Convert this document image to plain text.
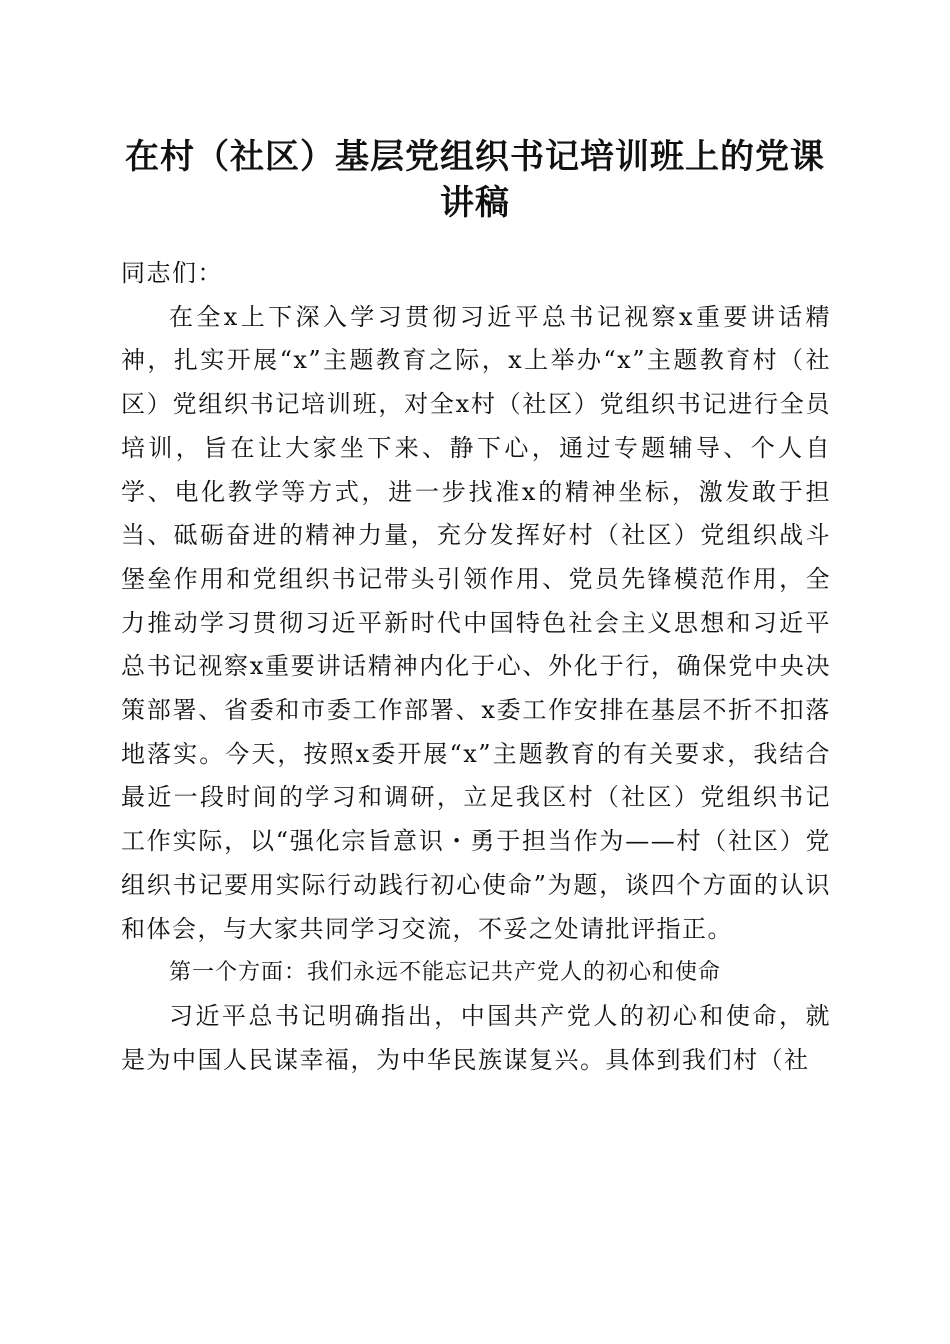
在村（社区）基层党组织书记培训班上的党课
讲稿

同志们：

在全x上下深入学习贯彻习近平总书记视察x重要讲话精神，扎实开展“x”主题教育之际，x上举办“x”主题教育村（社区）党组织书记培训班，对全x村（社区）党组织书记进行全员培训，旨在让大家坐下来、静下心，通过专题辅导、个人自学、电化教学等方式，进一步找准x的精神坐标，激发敢于担当、砥砺奋进的精神力量，充分发挥好村（社区）党组织战斗堡垒作用和党组织书记带头引领作用、党员先锋模范作用，全力推动学习贯彻习近平新时代中国特色社会主义思想和习近平总书记视察x重要讲话精神内化于心、外化于行，确保党中央决策部署、省委和市委工作部署、x委工作安排在基层不折不扣落地落实。今天，按照x委开展“x”主题教育的有关要求，我结合最近一段时间的学习和调研，立足我区村（社区）党组织书记工作实际，以“强化宗旨意识・勇于担当作为——村（社区）党组织书记要用实际行动践行初心使命”为题，谈四个方面的认识和体会，与大家共同学习交流，不妥之处请批评指正。

第一个方面：我们永远不能忘记共产党人的初心和使命

习近平总书记明确指出，中国共产党人的初心和使命，就是为中国人民谋幸福，为中华民族谋复兴。具体到我们村（社
